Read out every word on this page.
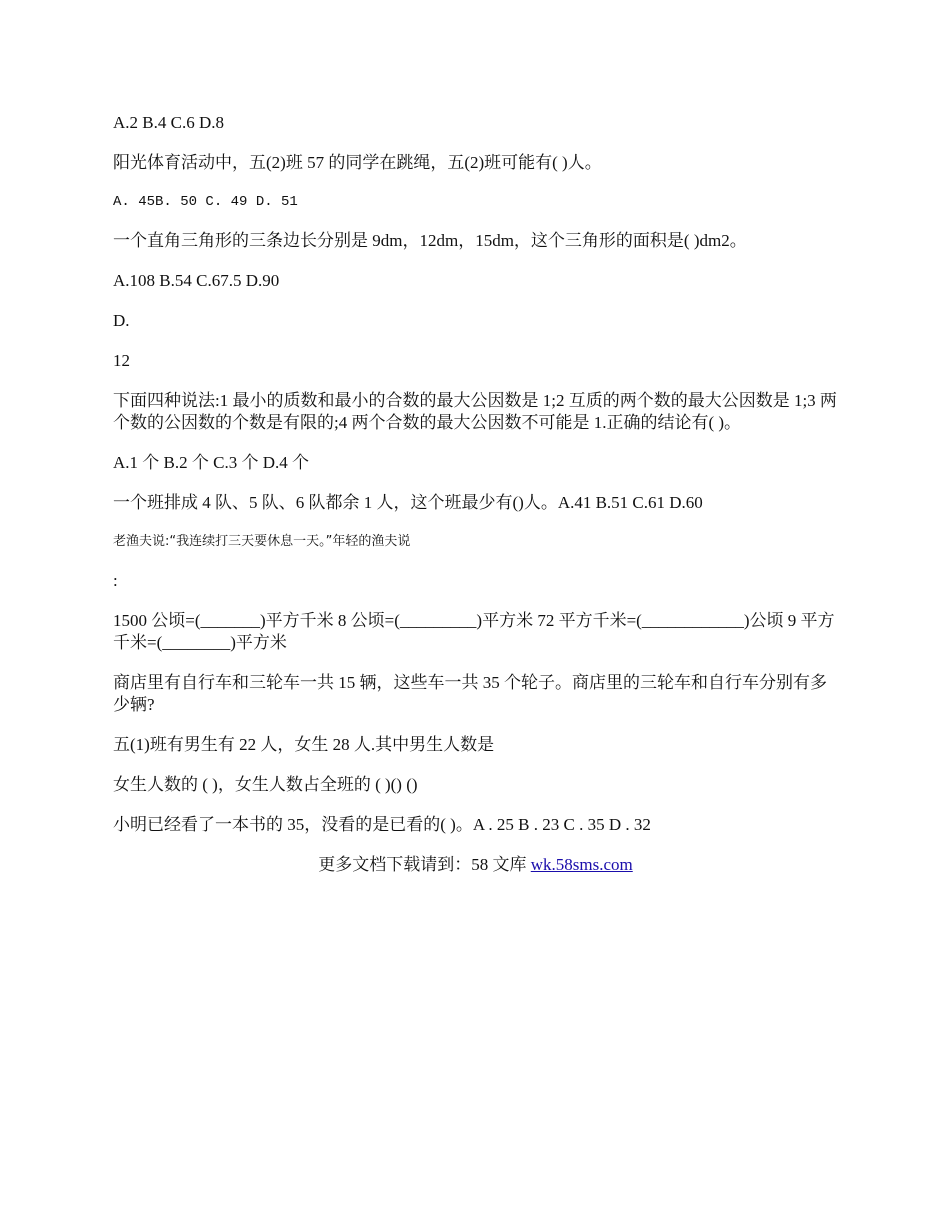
A.2 B.4 C.6 D.8

阳光体育活动中，五(2)班 57 的同学在跳绳，五(2)班可能有( )人。

A. 45B. 50 C. 49 D. 51

一个直角三角形的三条边长分别是 9dm，12dm，15dm，这个三角形的面积是( )dm2。

A.108 B.54 C.67.5 D.90

D.

12

下面四种说法:1 最小的质数和最小的合数的最大公因数是 1;2 互质的两个数的最大公因数是 1;3 两个数的公因数的个数是有限的;4 两个合数的最大公因数不可能是 1.正确的结论有( )。

A.1 个 B.2 个 C.3 个 D.4 个

一个班排成 4 队、5 队、6 队都余 1 人，这个班最少有()人。A.41 B.51 C.61 D.60

老渔夫说:“我连续打三天要休息一天。”年轻的渔夫说

:

1500 公顷=(_______)平方千米 8 公顷=(_________)平方米 72 平方千米=(____________)公顷 9 平方千米=(________)平方米

商店里有自行车和三轮车一共 15 辆，这些车一共 35 个轮子。商店里的三轮车和自行车分别有多少辆?

五(1)班有男生有 22 人，女生 28 人.其中男生人数是

女生人数的 ( )，女生人数占全班的 ( )() ()

小明已经看了一本书的 35，没看的是已看的( )。A . 25 B . 23 C . 35 D . 32

更多文档下载请到：58 文库 wk.58sms.com
